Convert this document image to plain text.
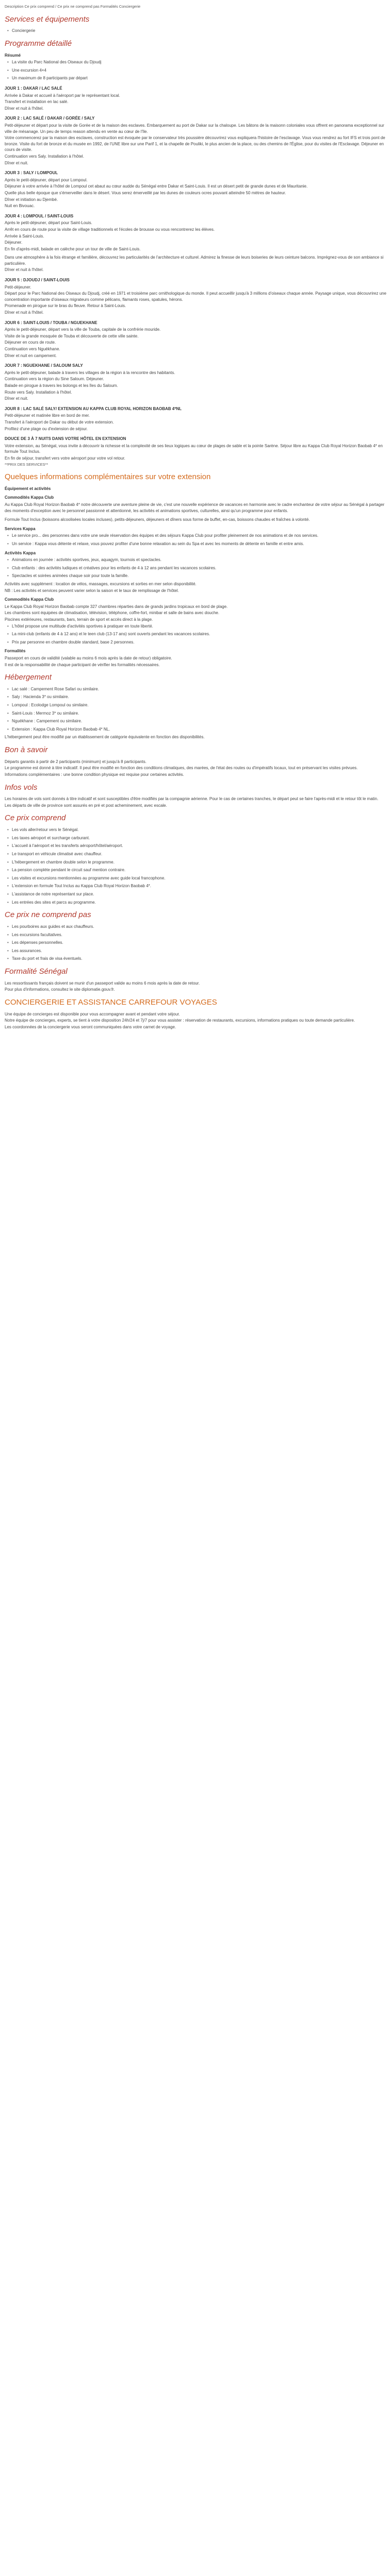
Description Ce prix comprend / Ce prix ne comprend pas Formalités Conciergerie
Services et équipements
• Conciergerie
Programme détaillé
Résumé
• La visite du Parc National des Oiseaux du Djoudj
• Une excursion 4×4
• Un maximum de 8 participants par départ
JOUR 1 : DAKAR / LAC SALÉ
Arrivée à Dakar et accueil à l'aéroport par le représentant local.
Transfert et installation en lac salé.
Dîner et nuit à l'hôtel.
JOUR 2 : LAC SALÉ / DAKAR / GORÉE / SALY
Petit-déjeuner et départ pour la visite de Gorée et de la maison des esclaves. Embarquement au port de Dakar sur la chaloupe. Les bâtons de la maisonn coloniales vous offrent en panorama exceptionnel sur ville de mésanage. Un peu de temps reason attendu en vente au cœur de l'île.
Votre commencerez par la maison des esclaves, construction est évoquée par le conservateur très poussière découvrirez vous expliquera l'histoire de l'esclavage. Vous vous rendrez au fort IFS et trois pont de bronze. Visite du fort de bronze et du musée en 1992, de l'UNE libre sur une Parif 1, et la chapelle de Pouliki, le plus ancien de la place, ou des chemins de l'Église, pour du visites de l'Esclavage. Déjeuner en cours de visite.
Continuation vers Saly. Installation à l'hôtel.
Dîner et nuit.
JOUR 3 : SALY / LOMPOUL
Après le petit-déjeuner, départ pour Lompoul.
Déjeuner à votre arrivée à l'hôtel de Lompoul cet abaut au cœur audde du Sénégal entre Dakar et Saint-Louis. Il est un désert petit de grande dunes et de Mauritanie.
Quelle plus belle époque que s'émerveiller dans le désert. Vous serez émerveillé par les dunes de couleurs ocres pouvant atteindre 50 mètres de hauteur.
Dîner et initiation au Djembé.
Nuit en Bivouac.
JOUR 4 : LOMPOUL / SAINT-LOUIS
Après le petit-déjeuner, départ pour Saint-Louis.
Arrêt en cours de route pour la visite de village traditionnels et l'écoles de brousse ou vous rencontrerez les élèves.
Arrivée à Saint-Louis.
Déjeuner.
En fin d'après-midi, balade en calèche pour un tour de ville de Saint-Louis.
Dans une atmosphère à la fois étrange et familière, découvrez les particularités de l'architecture et culturel. Admirez la finesse de leurs boiseries de leurs ceinture balcons. Imprégnez-vous de son ambiance si particulière.
Dîner et nuit à l'hôtel.
JOUR 5 : DJOUDJ / SAINT-LOUIS
Petit-déjeuner.
Départ pour le Parc National des Oiseaux du Djoudj, créé en 1971 et troisième parc ornithologique du monde. Il peut accueillir jusqu'à 3 millions d'oiseaux chaque année. Paysage unique, vous découvrirez une concentration importante d'oiseaux migrateurs comme pélicans, flamants roses, spatules, hérons.
Promenade en pirogue sur le bras du fleuve. Retour à Saint-Louis.
Dîner et nuit à l'hôtel.
JOUR 6 : SAINT-LOUIS / TOUBA / NGUEKHANE
Après le petit-déjeuner, départ vers la ville de Touba, capitale de la confrérie mouride.
Visite de la grande mosquée de Touba et découverte de cette ville sainte.
Déjeuner en cours de route.
Continuation vers Nguékhane.
Dîner et nuit en campement.
JOUR 7 : NGUEKHANE / SALOUM SALY
Après le petit-déjeuner, balade à travers les villages de la région à la rencontre des habitants.
Continuation vers la région du Sine Saloum. Déjeuner.
Balade en pirogue à travers les bolongs et les îles du Saloum.
Route vers Saly. Installation à l'hôtel.
Dîner et nuit.
JOUR 8 : LAC SALÉ SALY/ EXTENSION AU KAPPA CLUB ROYAL HORIZON BAOBAB 4*NL
Petit-déjeuner et matinée libre en bord de mer.
Transfert à l'aéroport de Dakar ou début de votre extension.
Profitez d'une plage ou d'extension de séjour.
DOUCE DE 3 À 7 NUITS DANS VOTRE HÔTEL EN EXTENSION
Votre extension, au Sénégal, vous invite à découvrir la richesse et la complexité de ses lieux logiques au cœur de plages de sable et la pointe Sarène. Séjour libre au Kappa Club Royal Horizon Baobab 4* en formule Tout Inclus.
En fin de séjour, transfert vers votre aéroport pour votre vol retour.

**PRIX DES SERVICES**

Quelques informations complémentaires sur votre extension
Équipement et activités
Commodités Kappa Club

Au Kappa Club Royal Horizon Baobab 4* notre découverte une aventure pleine de vie, c'est une nouvelle expérience de vacances en harmonie avec le cadre enchanteur de votre séjour au Sénégal à partager des moments d'exception avec le personnel passionné et attentionné, les activités et animations sportives, culturelles, ainsi qu'un programme pour enfants.

Formule Tout Inclus (boissons alcoolisées locales incluses), petits-déjeuners, déjeuners et dîners sous forme de buffet, en-cas, boissons chaudes et fraîches à volonté.

Services Kappa
• Le service pro... des personnes dans votre une seule réservation des équipes et des séjours Kappa Club pour profiter pleinement de nos animations et de nos services.
• Un service : Kappa vous détente et relaxe, vous pouvez profiter d'une bonne relaxation au sein du Spa et avec les moments de détente en famille et entre amis.
Activités Kappa
• Animations en journée : activités sportives, jeux, aquagym, tournois et spectacles.
• Club enfants : des activités ludiques et créatives pour les enfants de 4 à 12 ans pendant les vacances scolaires.
• Spectacles et soirées animées chaque soir pour toute la famille.
Activités avec supplément : location de vélos, massages, excursions et sorties en mer selon disponibilité.
NB : Les activités et services peuvent varier selon la saison et le taux de remplissage de l'hôtel.
Commodités Kappa Club
Le Kappa Club Royal Horizon Baobab compte 327 chambres réparties dans de grands jardins tropicaux en bord de plage.
Les chambres sont équipées de climatisation, télévision, téléphone, coffre-fort, minibar et salle de bains avec douche.
Piscines extérieures, restaurants, bars, terrain de sport et accès direct à la plage.
• L'hôtel propose une multitude d'activités sportives à pratiquer en toute liberté.
• La mini-club (enfants de 4 à 12 ans) et le teen club (13-17 ans) sont ouverts pendant les vacances scolaires.
• Prix par personne en chambre double standard, base 2 personnes.
Formalités
Passeport en cours de validité (valable au moins 6 mois après la date de retour) obligatoire.
Il est de la responsabilité de chaque participant de vérifier les formalités nécessaires.
Hébergement
• Lac salé : Campement Rose Safari ou similaire.
• Saly : Hacienda 3* ou similaire.
• Lompoul : Ecolodge Lompoul ou similaire.
• Saint-Louis : Mermoz 3* ou similaire.
• Nguékhane : Campement ou similaire.
• Extension : Kappa Club Royal Horizon Baobab 4* NL.

L'hébergement peut être modifié par un établissement de catégorie équivalente en fonction des disponibilités.

Bon à savoir
Départs garantis à partir de 2 participants (minimum) et jusqu'à 8 participants.
Le programme est donné à titre indicatif. Il peut être modifié en fonction des conditions climatiques, des marées, de l'état des routes ou d'impératifs locaux, tout en préservant les visites prévues.
Informations complémentaires : une bonne condition physique est requise pour certaines activités.
Infos vols
Les horaires de vols sont donnés à titre indicatif et sont susceptibles d'être modifiés par la compagnie aérienne. Pour le cas de certaines tranches, le départ peut se faire l'après-midi et le retour tôt le matin.
Les départs de ville de province sont assurés en pré et post acheminement, avec escale.
Ce prix comprend
• Les vols aller/retour vers le Sénégal.
• Les taxes aéroport et surcharge carburant.
• L'accueil à l'aéroport et les transferts aéroport/hôtel/aéroport.
• Le transport en véhicule climatisé avec chauffeur.
• L'hébergement en chambre double selon le programme.
• La pension complète pendant le circuit sauf mention contraire.
• Les visites et excursions mentionnées au programme avec guide local francophone.
• L'extension en formule Tout Inclus au Kappa Club Royal Horizon Baobab 4*.
• L'assistance de notre représentant sur place.
• Les entrées des sites et parcs au programme.
Ce prix ne comprend pas
• Les pourboires aux guides et aux chauffeurs.
• Les excursions facultatives.
• Les dépenses personnelles.
• Les assurances.
• Taxe du port et frais de visa éventuels.
Formalité Sénégal
Les ressortissants français doivent se munir d'un passeport valide au moins 6 mois après la date de retour.
Pour plus d'informations, consultez le site diplomatie.gouv.fr.
CONCIERGERIE ET ASSISTANCE CARREFOUR VOYAGES
Une équipe de concierges est disponible pour vous accompagner avant et pendant votre séjour.
Notre équipe de concierges, experts, se tient à votre disposition 24h/24 et 7j/7 pour vous assister : réservation de restaurants, excursions, informations pratiques ou toute demande particulière.
Les coordonnées de la conciergerie vous seront communiquées dans votre carnet de voyage.
